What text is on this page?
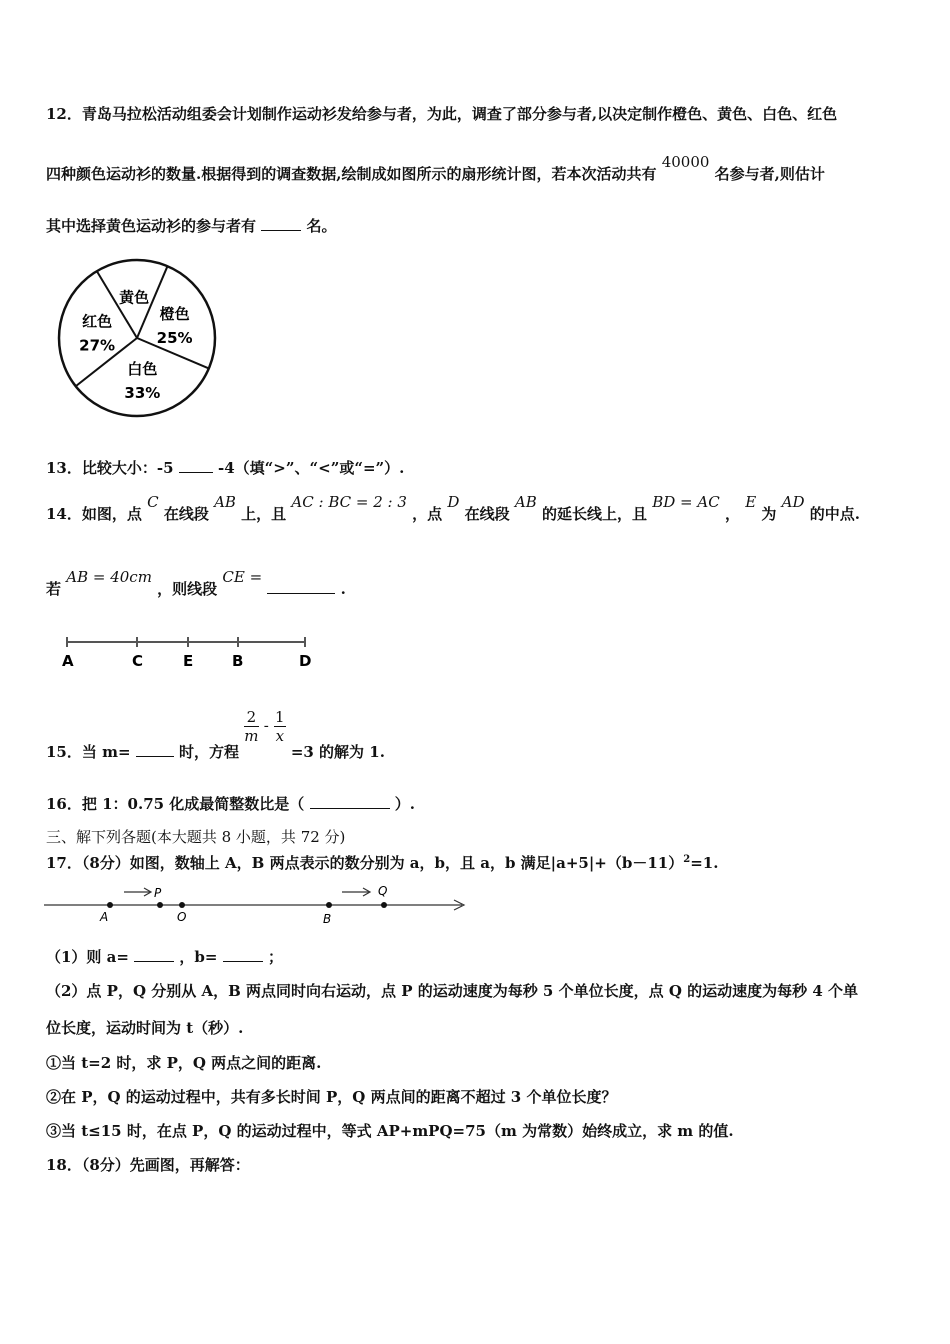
12．青岛马拉松活动组委会计划制作运动衫发给参与者，为此，调查了部分参与者,以决定制作橙色、黄色、白色、红色
四种颜色运动衫的数量.根据得到的调查数据,绘制成如图所示的扇形统计图，若本次活动共有 40000 名参与者,则估计
其中选择黄色运动衫的参与者有	名。
黄色
橙色
25%
白色
33%
红色
27%
13．比较大小：-5	-4（填“>”、“<”或“=”）.
14．如图，点 C 在线段 AB 上，且 AC : BC = 2 : 3 ，点 D 在线段 AB 的延长线上，且 BD = AC ， E 为 AD 的中点.
若 AB = 40cm ，则线段 CE =  .
A	C	E	B	D
15．当 m=	时，方程
$\frac{2}{m} - \frac{1}{x}$
=3 的解为 1.
16．把 1：0.75 化成最简整数比是（	）.
三、解下列各题(本大题共 8 小题，共 72 分)
17．（8分）如图，数轴上 A，B 两点表示的数分别为 a，b，且 a，b 满足$|a+5|+(b-11)^2=1$.
A
P
O	B
Q
（1）则 a=	，b=	；
（2）点 P，Q 分别从 A，B 两点同时向右运动，点 P 的运动速度为每秒 5 个单位长度，点 Q 的运动速度为每秒 4 个单
位长度，运动时间为 t（秒）.
①当 t=2 时，求 P，Q 两点之间的距离.
②在 P，Q 的运动过程中，共有多长时间 P，Q 两点间的距离不超过 3 个单位长度？
③当 t≤15 时，在点 P，Q 的运动过程中，等式 AP+mPQ=75（m 为常数）始终成立，求 m 的值.
18．（8分）先画图，再解答：
